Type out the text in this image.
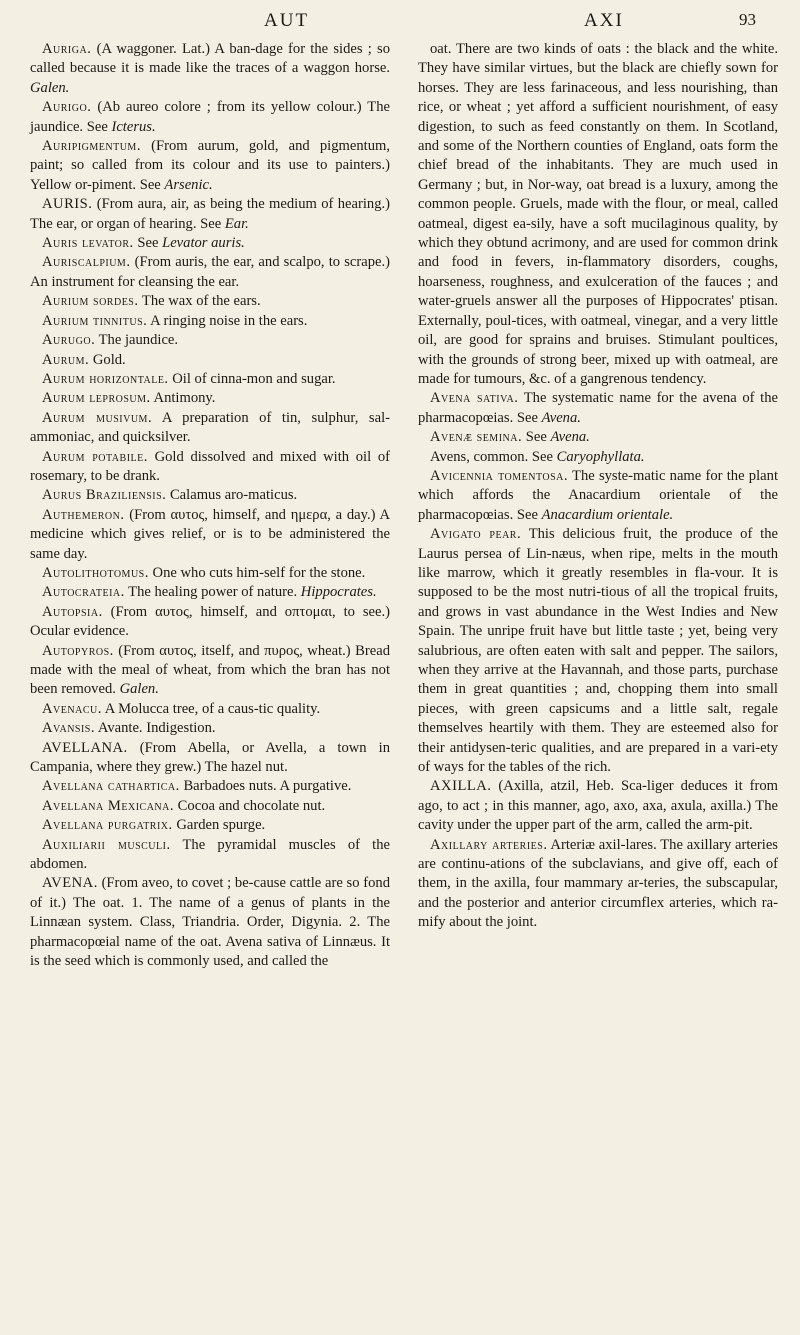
AUT	AXI	93

Auriga. (A waggoner. Lat.) A ban-dage for the sides ; so called because it is made like the traces of a waggon horse. Galen.

Aurigo. (Ab aureo colore ; from its yellow colour.) The jaundice. See Icterus.

Auripigmentum. (From aurum, gold, and pigmentum, paint; so called from its colour and its use to painters.) Yellow or-piment. See Arsenic.

AURIS. (From aura, air, as being the medium of hearing.) The ear, or organ of hearing. See Ear.

Auris levator. See Levator auris.

Auriscalpium. (From auris, the ear, and scalpo, to scrape.) An instrument for cleansing the ear.

Aurium sordes. The wax of the ears.

Aurium tinnitus. A ringing noise in the ears.

Aurugo. The jaundice.

Aurum. Gold.

Aurum horizontale. Oil of cinna-mon and sugar.

Aurum leprosum. Antimony.

Aurum musivum. A preparation of tin, sulphur, sal-ammoniac, and quicksilver.

Aurum potabile. Gold dissolved and mixed with oil of rosemary, to be drank.

Aurus Braziliensis. Calamus aro-maticus.

Authemeron. (From αυτος, himself, and ημερα, a day.) A medicine which gives relief, or is to be administered the same day.

Autolithotomus. One who cuts him-self for the stone.

Autocrateia. The healing power of nature. Hippocrates.

Autopsia. (From αυτος, himself, and οπτομαι, to see.) Ocular evidence.

Autopyros. (From αυτος, itself, and πυρος, wheat.) Bread made with the meal of wheat, from which the bran has not been removed. Galen.

Avenacu. A Molucca tree, of a caus-tic quality.

Avansis. Avante. Indigestion.

AVELLANA. (From Abella, or Avella, a town in Campania, where they grew.) The hazel nut.

Avellana cathartica. Barbadoes nuts. A purgative.

Avellana Mexicana. Cocoa and chocolate nut.

Avellana purgatrix. Garden spurge.

Auxiliarii musculi. The pyramidal muscles of the abdomen.

AVENA. (From aveo, to covet ; be-cause cattle are so fond of it.) The oat. 1. The name of a genus of plants in the Linnæan system. Class, Triandria. Order, Digynia. 2. The pharmacopœial name of the oat. Avena sativa of Linnæus. It is the seed which is commonly used, and called the

oat. There are two kinds of oats : the black and the white. They have similar virtues, but the black are chiefly sown for horses. They are less farinaceous, and less nourishing, than rice, or wheat ; yet afford a sufficient nourishment, of easy digestion, to such as feed constantly on them. In Scotland, and some of the Northern counties of England, oats form the chief bread of the inhabitants. They are much used in Germany ; but, in Nor-way, oat bread is a luxury, among the common people. Gruels, made with the flour, or meal, called oatmeal, digest ea-sily, have a soft mucilaginous quality, by which they obtund acrimony, and are used for common drink and food in fevers, in-flammatory disorders, coughs, hoarseness, roughness, and exulceration of the fauces ; and water-gruels answer all the purposes of Hippocrates' ptisan. Externally, poul-tices, with oatmeal, vinegar, and a very little oil, are good for sprains and bruises. Stimulant poultices, with the grounds of strong beer, mixed up with oatmeal, are made for tumours, &c. of a gangrenous tendency.

Avena sativa. The systematic name for the avena of the pharmacopœias. See Avena.

Avenæ semina. See Avena.

Avens, common. See Caryophyllata.

Avicennia tomentosa. The syste-matic name for the plant which affords the Anacardium orientale of the pharmacopœias. See Anacardium orientale.

Avigato pear. This delicious fruit, the produce of the Laurus persea of Lin-næus, when ripe, melts in the mouth like marrow, which it greatly resembles in fla-vour. It is supposed to be the most nutri-tious of all the tropical fruits, and grows in vast abundance in the West Indies and New Spain. The unripe fruit have but little taste ; yet, being very salubrious, are often eaten with salt and pepper. The sailors, when they arrive at the Havannah, and those parts, purchase them in great quantities ; and, chopping them into small pieces, with green capsicums and a little salt, regale themselves heartily with them. They are esteemed also for their antidysen-teric qualities, and are prepared in a vari-ety of ways for the tables of the rich.

AXILLA. (Axilla, atzil, Heb. Sca-liger deduces it from ago, to act ; in this manner, ago, axo, axa, axula, axilla.) The cavity under the upper part of the arm, called the arm-pit.

Axillary arteries. Arteriæ axil-lares. The axillary arteries are continu-ations of the subclavians, and give off, each of them, in the axilla, four mammary ar-teries, the subscapular, and the posterior and anterior circumflex arteries, which ra-mify about the joint.
